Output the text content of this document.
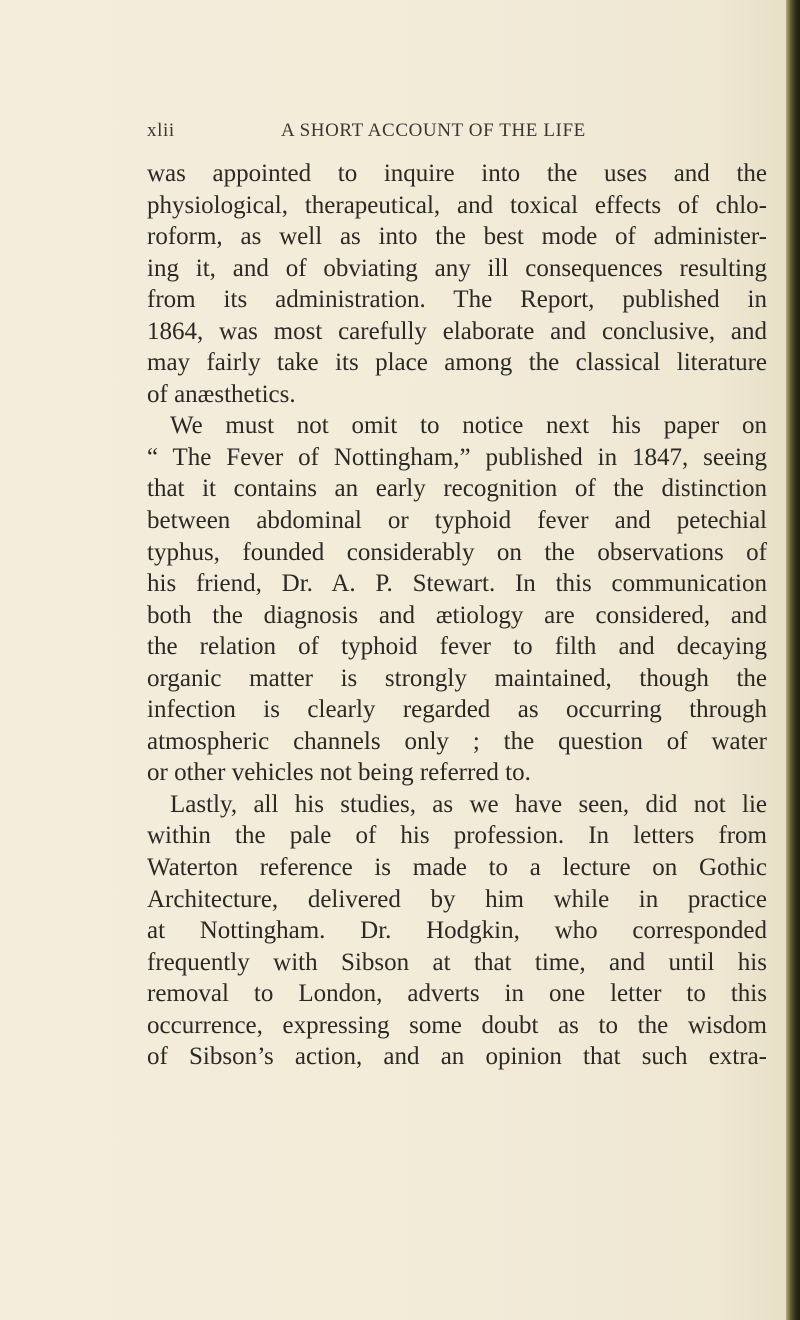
xlii	A SHORT ACCOUNT OF THE LIFE
was appointed to inquire into the uses and the
physiological, therapeutical, and toxical effects of chlo-
roform, as well as into the best mode of administer-
ing it, and of obviating any ill consequences resulting
from its administration. The Report, published in
1864, was most carefully elaborate and conclusive, and
may fairly take its place among the classical literature
of anæsthetics.
We must not omit to notice next his paper on
“ The Fever of Nottingham,” published in 1847, seeing
that it contains an early recognition of the distinction
between abdominal or typhoid fever and petechial
typhus, founded considerably on the observations of
his friend, Dr. A. P. Stewart. In this communication
both the diagnosis and ætiology are considered, and
the relation of typhoid fever to filth and decaying
organic matter is strongly maintained, though the
infection is clearly regarded as occurring through
atmospheric channels only ; the question of water
or other vehicles not being referred to.
Lastly, all his studies, as we have seen, did not lie
within the pale of his profession. In letters from
Waterton reference is made to a lecture on Gothic
Architecture, delivered by him while in practice
at Nottingham. Dr. Hodgkin, who corresponded
frequently with Sibson at that time, and until his
removal to London, adverts in one letter to this
occurrence, expressing some doubt as to the wisdom
of Sibson’s action, and an opinion that such extra-
